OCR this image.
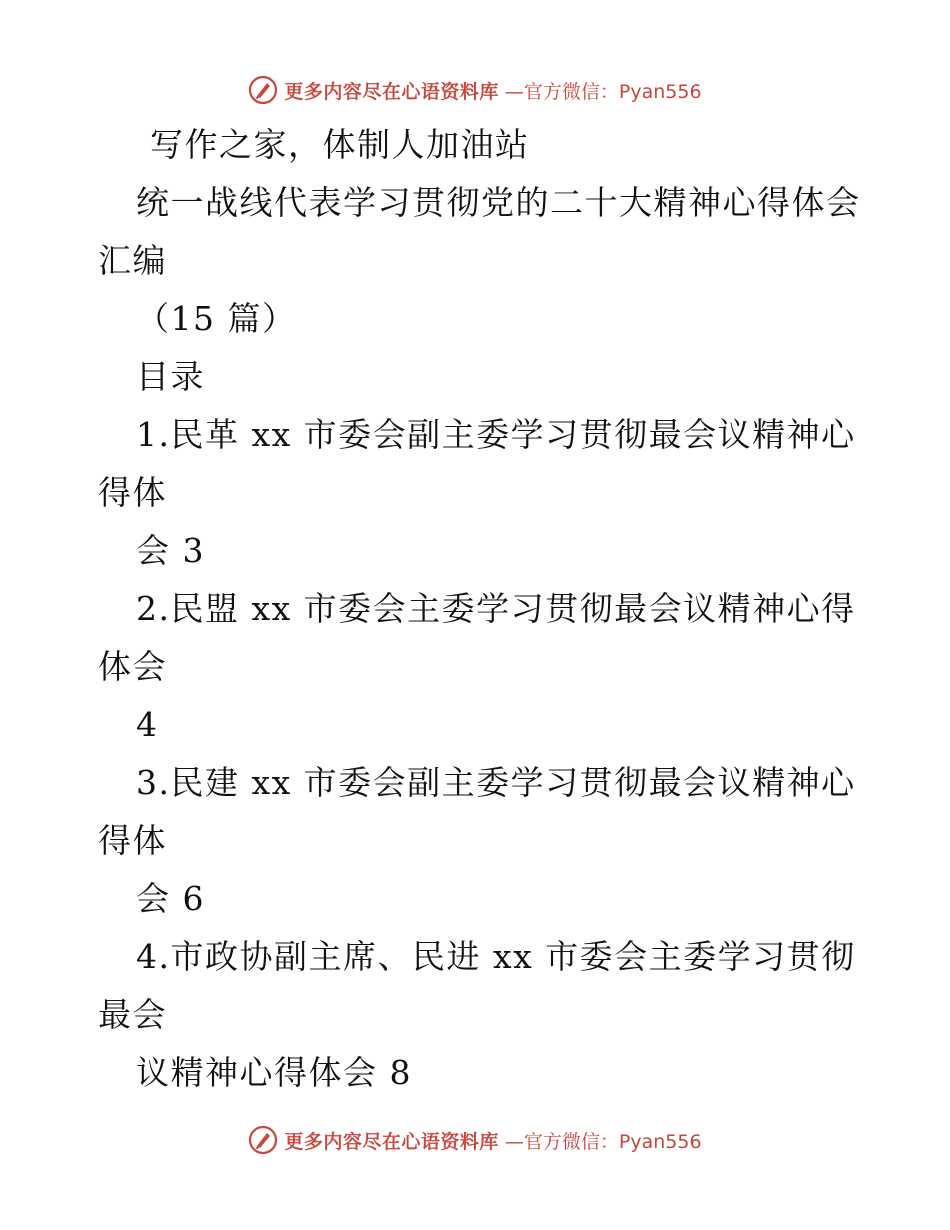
更多内容尽在心语资料库 —官方微信：Pyan556
写作之家，体制人加油站
统一战线代表学习贯彻党的二十大精神心得体会
汇编
（15 篇）
目录
1.民革 xx 市委会副主委学习贯彻最会议精神心
得体
会 3
2.民盟 xx 市委会主委学习贯彻最会议精神心得
体会
4
3.民建 xx 市委会副主委学习贯彻最会议精神心
得体
会 6
4.市政协副主席、民进 xx 市委会主委学习贯彻
最会
议精神心得体会 8
更多内容尽在心语资料库 —官方微信：Pyan556
